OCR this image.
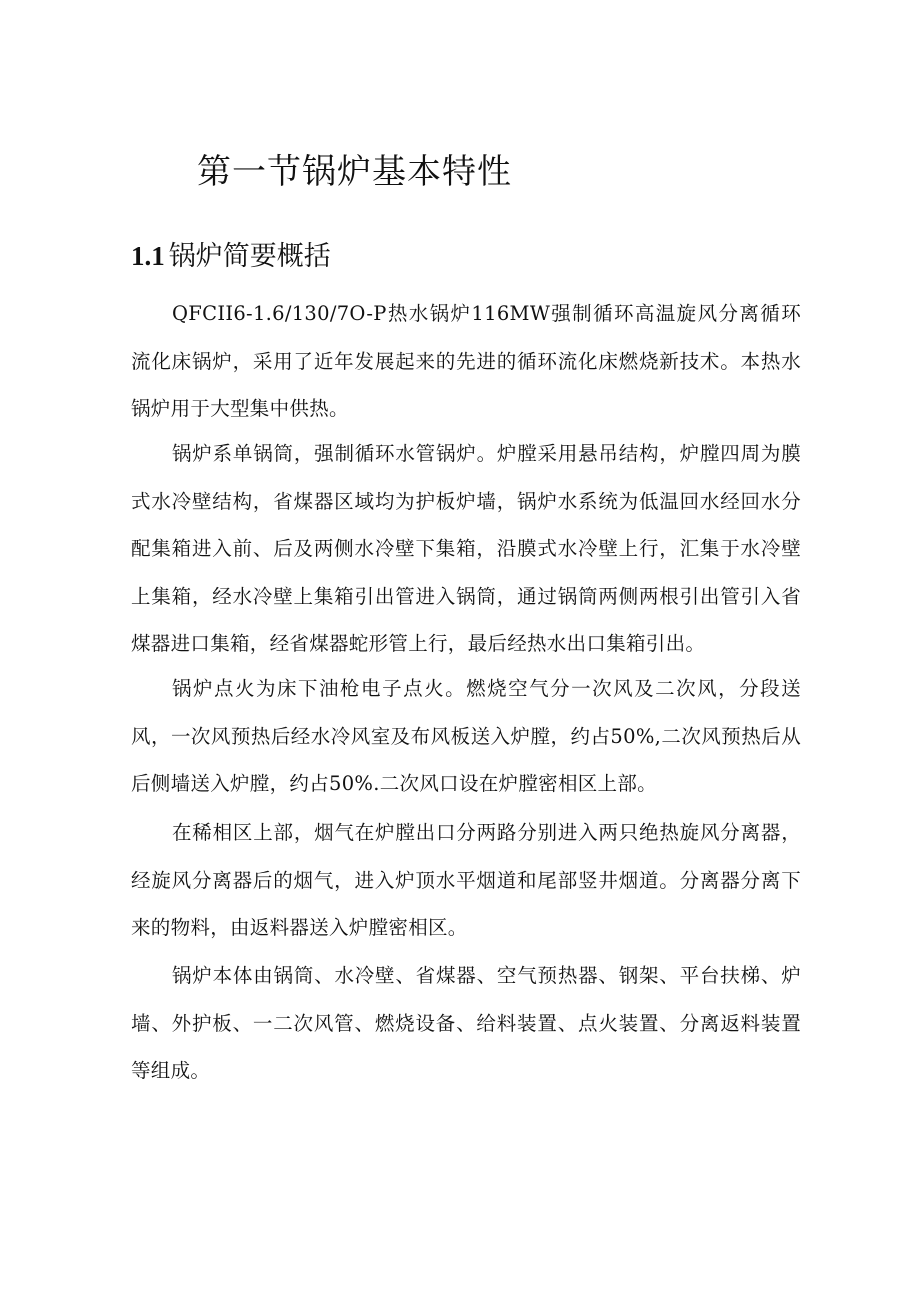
第一节锅炉基本特性
1.1 锅炉简要概括

QFCII6-1.6/130/7O-P热水锅炉116MW强制循环高温旋风分离循环流化床锅炉，采用了近年发展起来的先进的循环流化床燃烧新技术。本热水锅炉用于大型集中供热。

锅炉系单锅筒，强制循环水管锅炉。炉膛采用悬吊结构，炉膛四周为膜式水冷壁结构，省煤器区域均为护板炉墙，锅炉水系统为低温回水经回水分配集箱进入前、后及两侧水冷壁下集箱，沿膜式水冷壁上行，汇集于水冷壁上集箱，经水冷壁上集箱引出管进入锅筒，通过锅筒两侧两根引出管引入省煤器进口集箱，经省煤器蛇形管上行，最后经热水出口集箱引出。

锅炉点火为床下油枪电子点火。燃烧空气分一次风及二次风，分段送风，一次风预热后经水冷风室及布风板送入炉膛，约占50%,二次风预热后从后侧墙送入炉膛，约占50%.二次风口设在炉膛密相区上部。

在稀相区上部，烟气在炉膛出口分两路分别进入两只绝热旋风分离器，经旋风分离器后的烟气，进入炉顶水平烟道和尾部竖井烟道。分离器分离下来的物料，由返料器送入炉膛密相区。

锅炉本体由锅筒、水冷壁、省煤器、空气预热器、钢架、平台扶梯、炉墙、外护板、一二次风管、燃烧设备、给料装置、点火装置、分离返料装置等组成。
